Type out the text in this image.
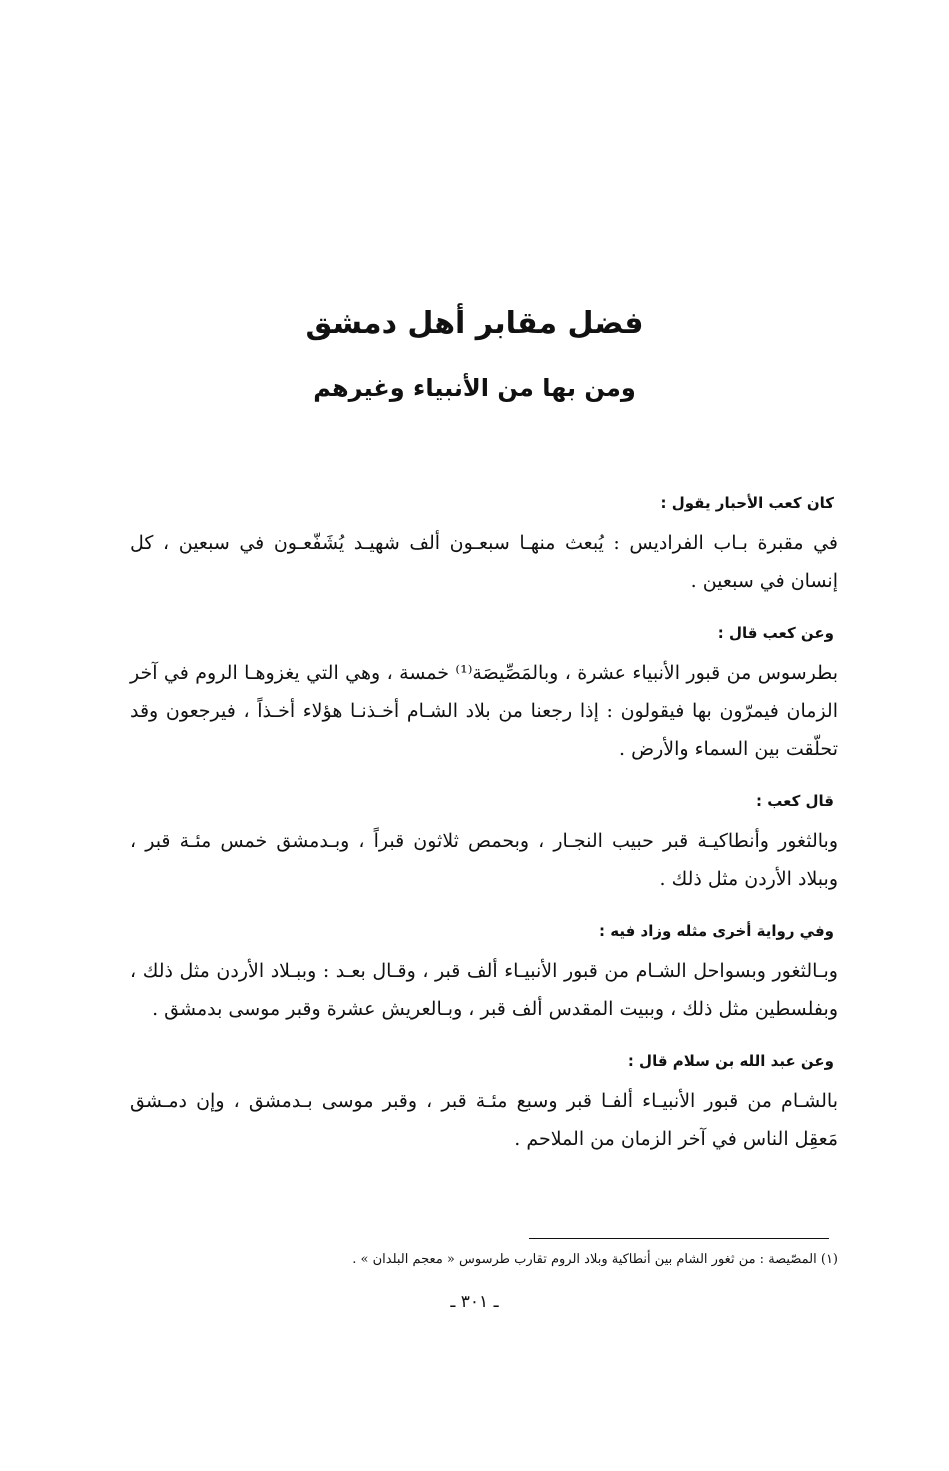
فضل مقابر أهل دمشق
ومن بها من الأنبياء وغيرهم

كان كعب الأحبار يقول :

في مقبرة بـاب الفراديس : يُبعث منهـا سبعـون ألف شهيـد يُشَفّعـون في سبعين ، كل إنسان في سبعين .

وعن كعب قال :

بطرسوس من قبور الأنبياء عشرة ، وبالمَصِّيصَة⁽¹⁾ خمسة ، وهي التي يغزوهـا الروم في آخر الزمان فيمرّون بها فيقولون : إذا رجعنا من بلاد الشـام أخـذنـا هؤلاء أخـذاً ، فيرجعون وقد تحلّقت بين السماء والأرض .

قال كعب :

وبالثغور وأنطاكيـة قبر حبيب النجـار ، وبحمص ثلاثون قبراً ، وبـدمشق خمس مئـة قبر ، وببلاد الأردن مثل ذلك .

وفي رواية أخرى مثله وزاد فيه :

وبـالثغور وبسواحل الشـام من قبور الأنبيـاء ألف قبر ، وقـال بعـد : وببـلاد الأردن مثل ذلك ، وبفلسطين مثل ذلك ، وببيت المقدس ألف قبر ، وبـالعريش عشرة وقبر موسى بدمشق .

وعن عبد الله بن سلام قال :

بالشـام من قبور الأنبيـاء ألفـا قبر وسبع مئـة قبر ، وقبر موسى بـدمشق ، وإن دمـشق مَعقِل الناس في آخر الزمان من الملاحم .

(١) المصّيصة : من ثغور الشام بين أنطاكية وبلاد الروم تقارب طرسوس « معجم البلدان » .

ـ ٣٠١ ـ
